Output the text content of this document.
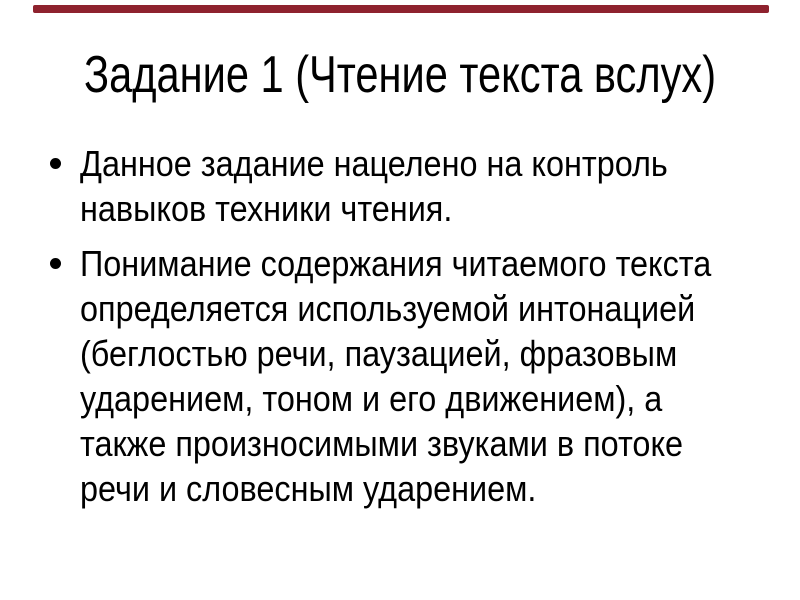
Задание 1 (Чтение текста вслух)
Данное задание нацелено на контроль
навыков техники чтения.
Понимание содержания читаемого текста
определяется используемой интонацией
(беглостью речи, паузацией, фразовым
ударением, тоном и его движением), а
также произносимыми звуками в потоке
речи и словесным ударением.
